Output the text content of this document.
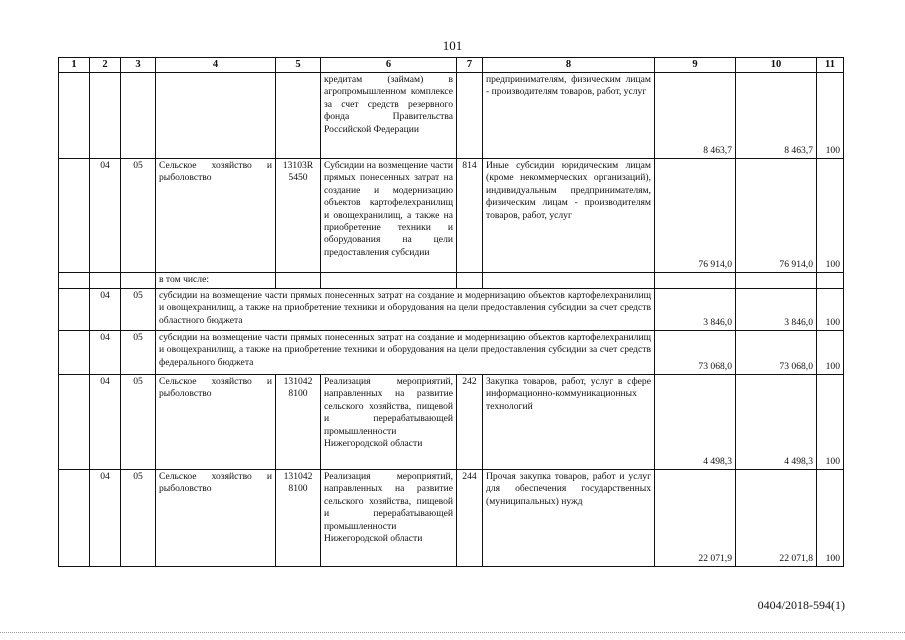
101
1	2	3	4	5	6	7	8	9	10	11
					кредитам (займам) в агропромышленном комплексе за счет средств резервного фонда Правительства Российской Федерации		предпринимателям, физическим лицам - производителям товаров, работ, услуг	8 463,7	8 463,7	100
	04	05	Сельское хозяйство и рыболовство	13103R 5450	Субсидии на возмещение части прямых понесенных затрат на создание и модернизацию объектов картофелехранилищ и овощехранилищ, а также на приобретение техники и оборудования на цели предоставления субсидии	814	Иные субсидии юридическим лицам (кроме некоммерческих организаций), индивидуальным предпринимателям, физическим лицам - производителям товаров, работ, услуг	76 914,0	76 914,0	100
			в том числе:							
	04	05	субсидии на возмещение части прямых понесенных затрат на создание и модернизацию объектов картофелехранилищ и овощехранилищ, а также на приобретение техники и оборудования на цели предоставления субсидии за счет средств областного бюджета					3 846,0	3 846,0	100
	04	05	субсидии на возмещение части прямых понесенных затрат на создание и модернизацию объектов картофелехранилищ и овощехранилищ, а также на приобретение техники и оборудования на цели предоставления субсидии за счет средств федерального бюджета					73 068,0	73 068,0	100
	04	05	Сельское хозяйство и рыболовство	131042 8100	Реализация мероприятий, направленных на развитие сельского хозяйства, пищевой и перерабатывающей промышленности Нижегородской области	242	Закупка товаров, работ, услуг в сфере информационно-коммуникационных технологий	4 498,3	4 498,3	100
	04	05	Сельское хозяйство и рыболовство	131042 8100	Реализация мероприятий, направленных на развитие сельского хозяйства, пищевой и перерабатывающей промышленности Нижегородской области	244	Прочая закупка товаров, работ и услуг для обеспечения государственных (муниципальных) нужд	22 071,9	22 071,8	100
0404/2018-594(1)
